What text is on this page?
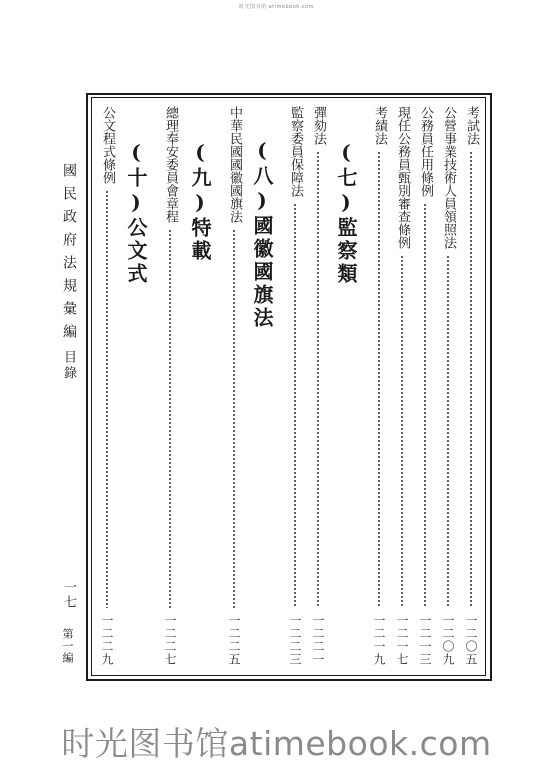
时光图书馆 atimebook.com
考試法
一二〇五
公營事業技術人員領照法
一二〇九
公務員任用條例
一二一三
現任公務員甄別審查條例
一二一七
考績法
一二一九
(七)監察類
彈劾法
一二二一
監察委員保障法
一二二三
(八)國徽國旗法
中華民國國徽國旗法
一二二五
(九)特載
總理奉安委員會章程
一二二七
(十)公文式
公文程式條例
一二二九
國民政府法規彙編
目錄
一七
第一編
时光图书馆atimebook.com
